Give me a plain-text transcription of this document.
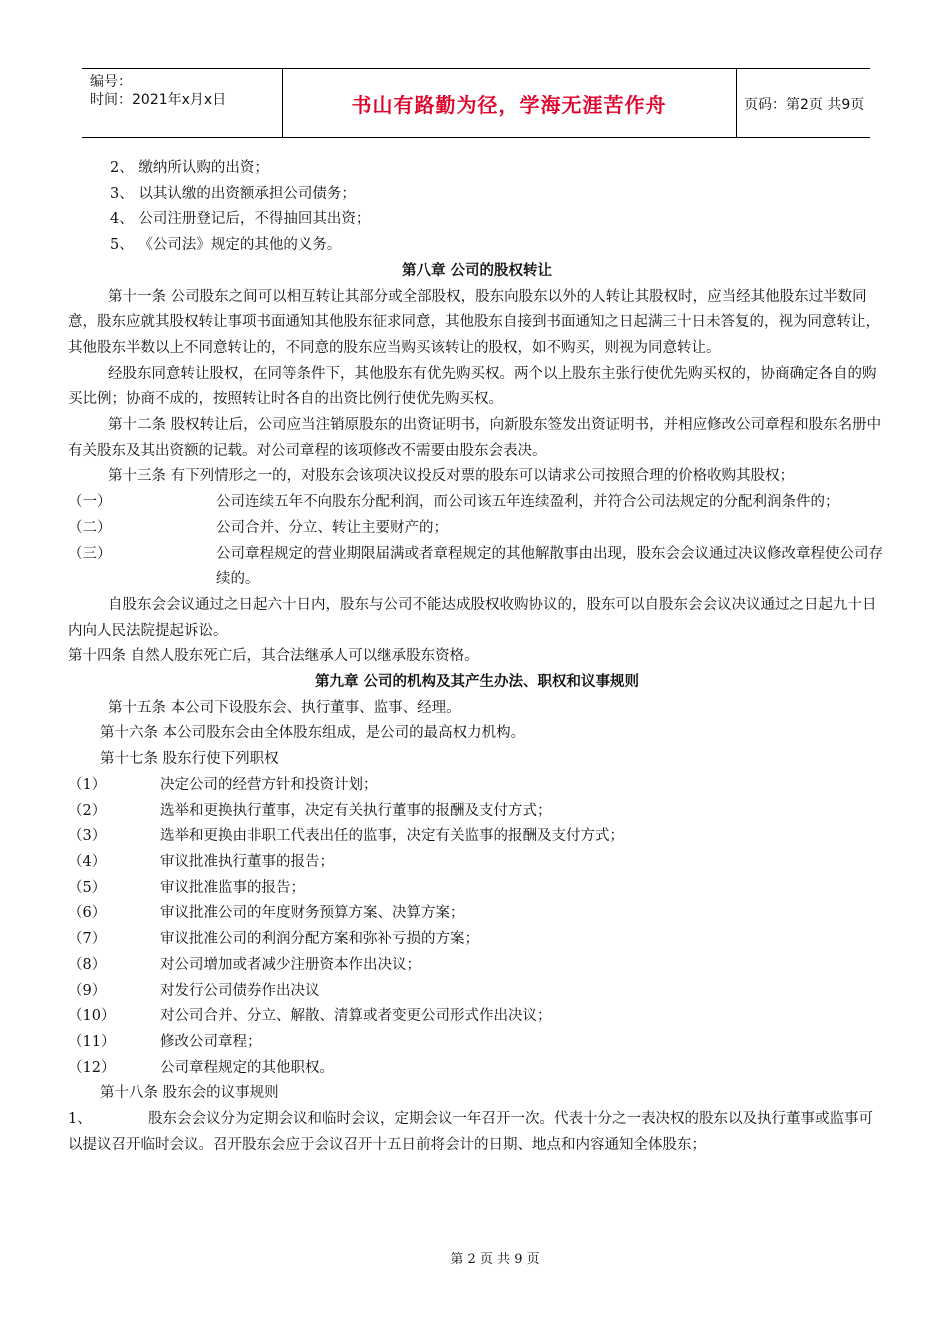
编号：
时间：2021年x月x日	书山有路勤为径，学海无涯苦作舟	页码：第2页 共9页

2、 缴纳所认购的出资；

3、 以其认缴的出资额承担公司债务；

4、 公司注册登记后，不得抽回其出资；

5、 《公司法》规定的其他的义务。

第八章 公司的股权转让

第十一条 公司股东之间可以相互转让其部分或全部股权，股东向股东以外的人转让其股权时，应当经其他股东过半数同意，股东应就其股权转让事项书面通知其他股东征求同意，其他股东自接到书面通知之日起满三十日未答复的，视为同意转让，其他股东半数以上不同意转让的，不同意的股东应当购买该转让的股权，如不购买，则视为同意转让。

经股东同意转让股权，在同等条件下，其他股东有优先购买权。两个以上股东主张行使优先购买权的，协商确定各自的购买比例；协商不成的，按照转让时各自的出资比例行使优先购买权。

第十二条 股权转让后，公司应当注销原股东的出资证明书，向新股东签发出资证明书，并相应修改公司章程和股东名册中有关股东及其出资额的记载。对公司章程的该项修改不需要由股东会表决。

第十三条 有下列情形之一的，对股东会该项决议投反对票的股东可以请求公司按照合理的价格收购其股权；

（一）	公司连续五年不向股东分配利润，而公司该五年连续盈利，并符合公司法规定的分配利润条件的；
（二）	公司合并、分立、转让主要财产的；
（三）	公司章程规定的营业期限届满或者章程规定的其他解散事由出现，股东会会议通过决议修改章程使公司存续的。

自股东会会议通过之日起六十日内，股东与公司不能达成股权收购协议的，股东可以自股东会会议决议通过之日起九十日内向人民法院提起诉讼。

第十四条 自然人股东死亡后，其合法继承人可以继承股东资格。

第九章 公司的机构及其产生办法、职权和议事规则

第十五条 本公司下设股东会、执行董事、监事、经理。

第十六条 本公司股东会由全体股东组成，是公司的最高权力机构。

第十七条 股东行使下列职权

（1）	决定公司的经营方针和投资计划；
（2）	选举和更换执行董事，决定有关执行董事的报酬及支付方式；
（3）	选举和更换由非职工代表出任的监事，决定有关监事的报酬及支付方式；
（4）	审议批准执行董事的报告；
（5）	审议批准监事的报告；
（6）	审议批准公司的年度财务预算方案、决算方案；
（7）	审议批准公司的利润分配方案和弥补亏损的方案；
（8）	对公司增加或者减少注册资本作出决议；
（9）	对发行公司债券作出决议
（10）	对公司合并、分立、解散、清算或者变更公司形式作出决议；
（11）	修改公司章程；
（12）	公司章程规定的其他职权。

第十八条 股东会的议事规则

1、	股东会会议分为定期会议和临时会议，定期会议一年召开一次。代表十分之一表决权的股东以及执行董事或监事可以提议召开临时会议。召开股东会应于会议召开十五日前将会计的日期、地点和内容通知全体股东；

第 2 页 共 9 页
